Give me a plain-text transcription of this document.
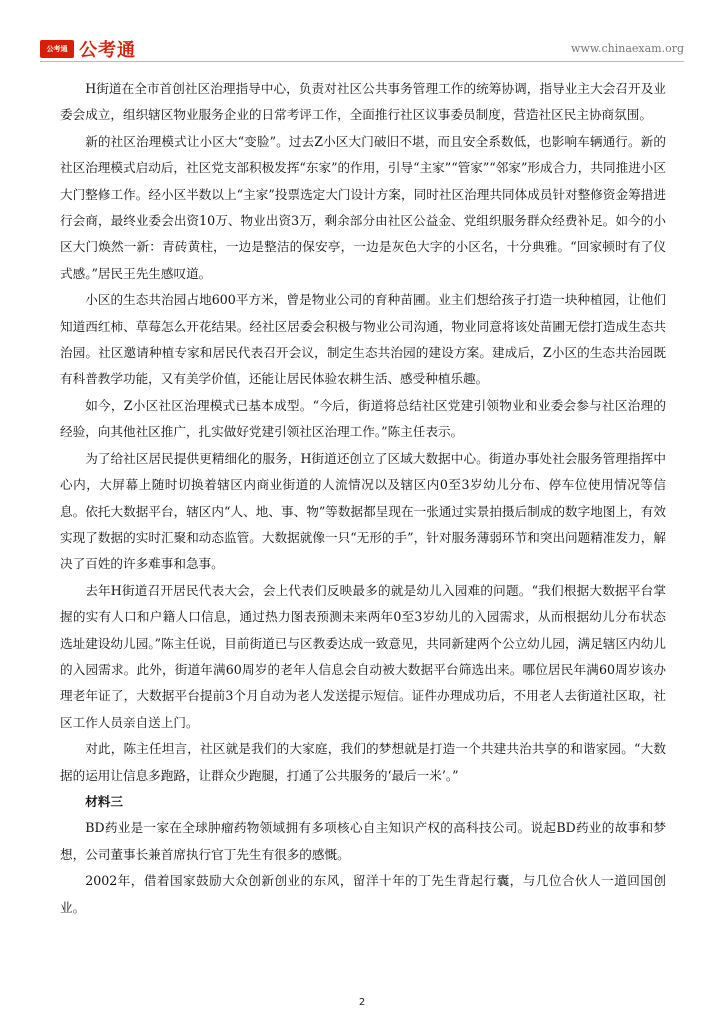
公考通 公考通	www.chinaexam.org

H街道在全市首创社区治理指导中心，负责对社区公共事务管理工作的统筹协调，指导业主大会召开及业委会成立，组织辖区物业服务企业的日常考评工作，全面推行社区议事委员制度，营造社区民主协商氛围。

新的社区治理模式让小区大“变脸”。过去Z小区大门破旧不堪，而且安全系数低，也影响车辆通行。新的社区治理模式启动后，社区党支部积极发挥“东家”的作用，引导“主家”“管家”“邻家”形成合力，共同推进小区大门整修工作。经小区半数以上“主家”投票选定大门设计方案，同时社区治理共同体成员针对整修资金筹措进行会商，最终业委会出资10万、物业出资3万，剩余部分由社区公益金、党组织服务群众经费补足。如今的小区大门焕然一新：青砖黄柱，一边是整洁的保安亭，一边是灰色大字的小区名，十分典雅。“回家顿时有了仪式感。”居民王先生感叹道。

小区的生态共治园占地600平方米，曾是物业公司的育种苗圃。业主们想给孩子打造一块种植园，让他们知道西红柿、草莓怎么开花结果。经社区居委会积极与物业公司沟通，物业同意将该处苗圃无偿打造成生态共治园。社区邀请种植专家和居民代表召开会议，制定生态共治园的建设方案。建成后，Z小区的生态共治园既有科普教学功能，又有美学价值，还能让居民体验农耕生活、感受种植乐趣。

如今，Z小区社区治理模式已基本成型。“今后，街道将总结社区党建引领物业和业委会参与社区治理的经验，向其他社区推广，扎实做好党建引领社区治理工作。”陈主任表示。

为了给社区居民提供更精细化的服务，H街道还创立了区域大数据中心。街道办事处社会服务管理指挥中心内，大屏幕上随时切换着辖区内商业街道的人流情况以及辖区内0至3岁幼儿分布、停车位使用情况等信息。依托大数据平台，辖区内“人、地、事、物”等数据都呈现在一张通过实景拍摄后制成的数字地图上，有效实现了数据的实时汇聚和动态监管。大数据就像一只“无形的手”，针对服务薄弱环节和突出问题精准发力，解决了百姓的许多难事和急事。

去年H街道召开居民代表大会，会上代表们反映最多的就是幼儿入园难的问题。“我们根据大数据平台掌握的实有人口和户籍人口信息，通过热力图表预测未来两年0至3岁幼儿的入园需求，从而根据幼儿分布状态选址建设幼儿园。”陈主任说，目前街道已与区教委达成一致意见，共同新建两个公立幼儿园，满足辖区内幼儿的入园需求。此外，街道年满60周岁的老年人信息会自动被大数据平台筛选出来。哪位居民年满60周岁该办理老年证了，大数据平台提前3个月自动为老人发送提示短信。证件办理成功后，不用老人去街道社区取，社区工作人员亲自送上门。

对此，陈主任坦言，社区就是我们的大家庭，我们的梦想就是打造一个共建共治共享的和谐家园。“大数据的运用让信息多跑路，让群众少跑腿，打通了公共服务的‘最后一米’。”

材料三

BD药业是一家在全球肿瘤药物领域拥有多项核心自主知识产权的高科技公司。说起BD药业的故事和梦想，公司董事长兼首席执行官丁先生有很多的感慨。

2002年，借着国家鼓励大众创新创业的东风，留洋十年的丁先生背起行囊，与几位合伙人一道回国创业。

2
